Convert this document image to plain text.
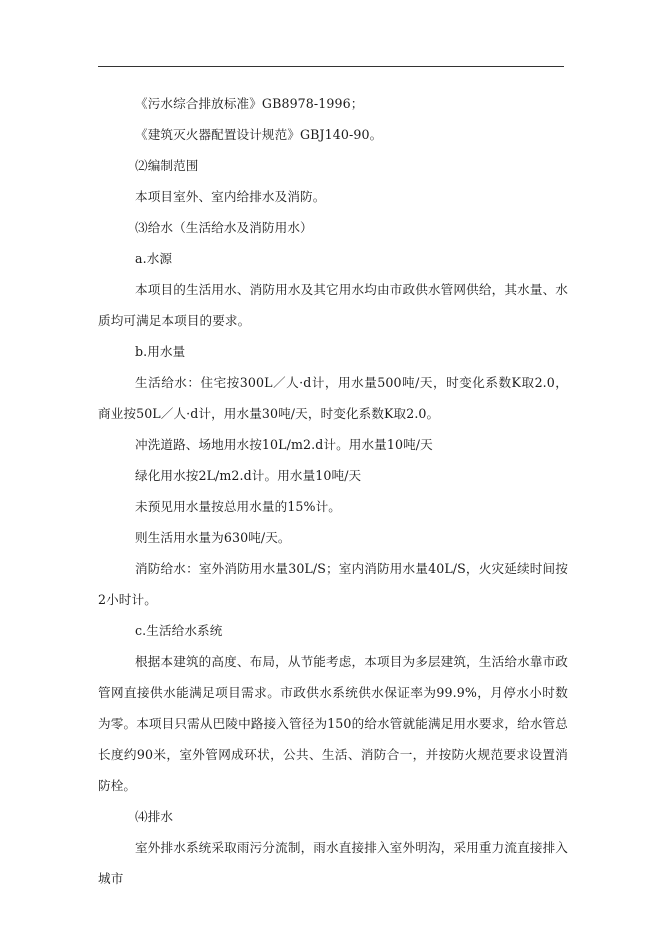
《污水综合排放标准》GB8978-1996；

《建筑灭火器配置设计规范》GBJ140-90。

⑵编制范围

本项目室外、室内给排水及消防。

⑶给水（生活给水及消防用水）

a.水源

本项目的生活用水、消防用水及其它用水均由市政供水管网供给，其水量、水质均可满足本项目的要求。

b.用水量

生活给水：住宅按300L／人·d计，用水量500吨/天，时变化系数K取2.0，商业按50L／人·d计，用水量30吨/天，时变化系数K取2.0。

冲洗道路、场地用水按10L/m2.d计。用水量10吨/天

绿化用水按2L/m2.d计。用水量10吨/天

未预见用水量按总用水量的15%计。

则生活用水量为630吨/天。

消防给水：室外消防用水量30L/S；室内消防用水量40L/S，火灾延续时间按2小时计。

c.生活给水系统

根据本建筑的高度、布局，从节能考虑，本项目为多层建筑，生活给水靠市政管网直接供水能满足项目需求。市政供水系统供水保证率为99.9%，月停水小时数为零。本项目只需从巴陵中路接入管径为150的给水管就能满足用水要求，给水管总长度约90米，室外管网成环状，公共、生活、消防合一，并按防火规范要求设置消防栓。

⑷排水

室外排水系统采取雨污分流制，雨水直接排入室外明沟，采用重力流直接排入城市
